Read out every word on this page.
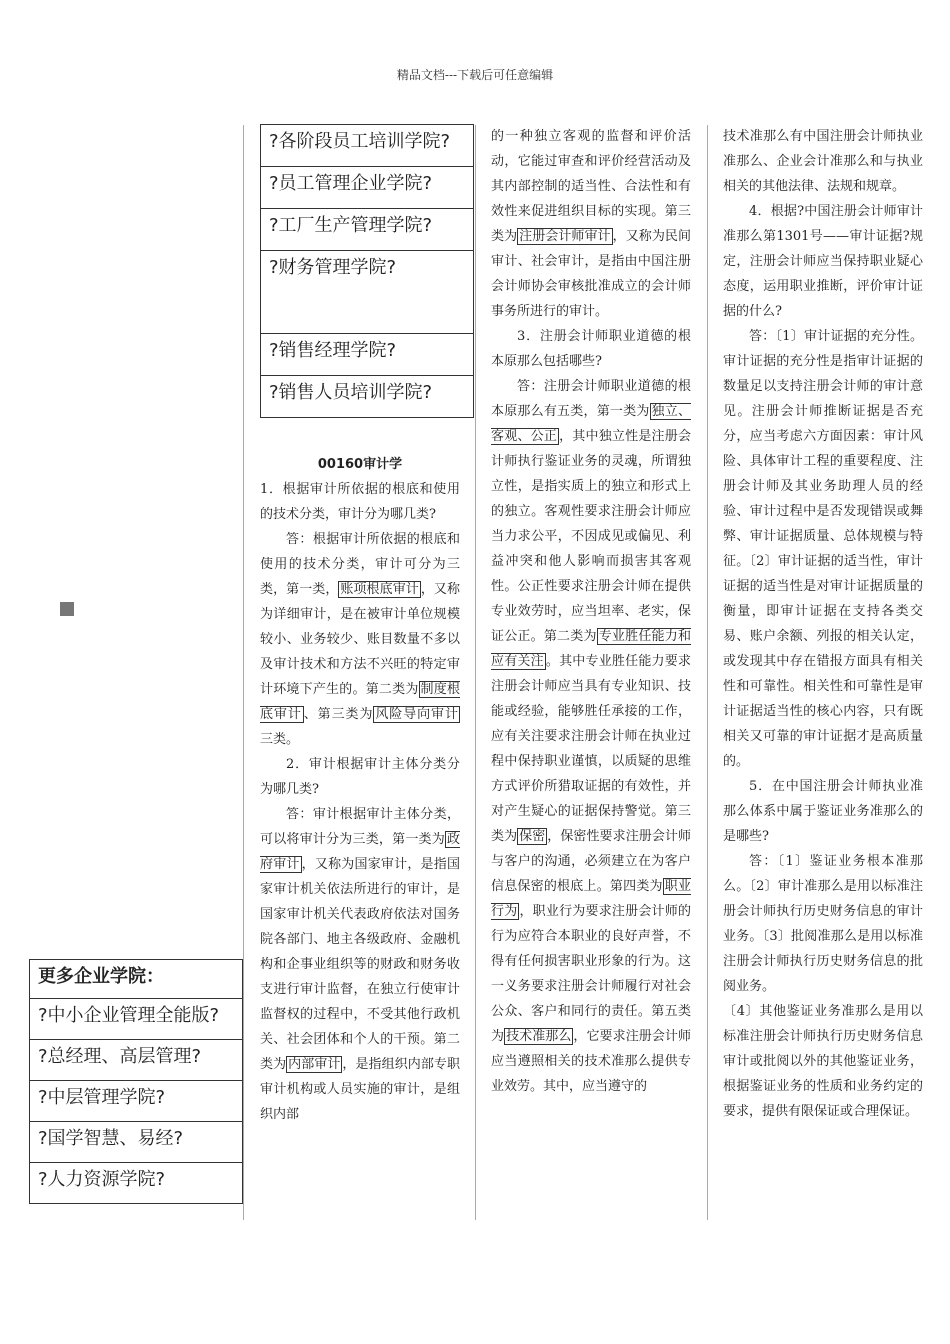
精品文档---下载后可任意编辑
?各阶段员工培训学院?
?员工管理企业学院?
?工厂生产管理学院?
?财务管理学院?
?销售经理学院?
?销售人员培训学院?
更多企业学院：
?中小企业管理全能版?
?总经理、高层管理?
?中层管理学院?
?国学智慧、易经?
?人力资源学院?

00160审计学

1．根据审计所依据的根底和使用的技术分类，审计分为哪几类?

答：根据审计所依据的根底和使用的技术分类，审计可分为三类，第一类， 账项根底审计 ，又称为详细审计，是在被审计单位规模较小、业务较少、账目数量不多以及审计技术和方法不兴旺的特定审计环境下产生的。第二类为 制度根底审计 、第三类为 风险导向审计三类。

2．审计根据审计主体分类分为哪几类?

答：审计根据审计主体分类，可以将审计分为三类，第一类为 政府审计 ，又称为国家审计，是指国家审计机关依法所进行的审计，是国家审计机关代表政府依法对国务院各部门、地主各级政府、金融机构和企事业组织等的财政和财务收支进行审计监督，在独立行使审计监督权的过程中，不受其他行政机关、社会团体和个人的干预。第二类为 内部审计 ，是指组织内部专职审计机构或人员实施的审计，是组织内部

的一种独立客观的监督和评价活动，它能过审查和评价经营活动及其内部控制的适当性、合法性和有效性来促进组织目标的实现。第三类为 注册会计师审计 ，又称为民间审计、社会审计，是指由中国注册会计师协会审核批准成立的会计师事务所进行的审计。

3．注册会计师职业道德的根本原那么包括哪些?

答：注册会计师职业道德的根本原那么有五类，第一类为 独立、客观、公正 ，其中独立性是注册会计师执行鉴证业务的灵魂，所谓独立性，是指实质上的独立和形式上的独立。客观性要求注册会计师应当力求公平，不因成见或偏见、利益冲突和他人影响而损害其客观性。公正性要求注册会计师在提供专业效劳时，应当坦率、老实，保证公正。第二类为 专业胜任能力和应有关注 。其中专业胜任能力要求注册会计师应当具有专业知识、技能或经验，能够胜任承接的工作，应有关注要求注册会计师在执业过程中保持职业谨慎，以质疑的思维方式评价所猎取证据的有效性，并对产生疑心的证据保持警觉。第三类为 保密 ，保密性要求注册会计师与客户的沟通，必须建立在为客户信息保密的根底上。第四类为 职业行为 ，职业行为要求注册会计师的行为应符合本职业的良好声誉，不得有任何损害职业形象的行为。这一义务要求注册会计师履行对社会公众、客户和同行的责任。第五类为 技术准那么 ，它要求注册会计师应当遵照相关的技术准那么提供专业效劳。其中，应当遵守的

技术准那么有中国注册会计师执业准那么、企业会计准那么和与执业相关的其他法律、法规和规章。

4．根据?中国注册会计师审计准那么第1301号——审计证据?规定，注册会计师应当保持职业疑心态度，运用职业推断，评价审计证据的什么?

答：〔1〕审计证据的充分性。审计证据的充分性是指审计证据的数量足以支持注册会计师的审计意见。注册会计师推断证据是否充分，应当考虑六方面因素：审计风险、具体审计工程的重要程度、注册会计师及其业务助理人员的经验、审计过程中是否发现错误或舞弊、审计证据质量、总体规模与特征。〔2〕审计证据的适当性，审计证据的适当性是对审计证据质量的衡量，即审计证据在支持各类交易、账户余额、列报的相关认定，或发现其中存在错报方面具有相关性和可靠性。相关性和可靠性是审计证据适当性的核心内容，只有既相关又可靠的审计证据才是高质量的。

5．在中国注册会计师执业准那么体系中属于鉴证业务准那么的是哪些?

答：〔1〕鉴证业务根本准那么。〔2〕审计准那么是用以标准注册会计师执行历史财务信息的审计业务。〔3〕批阅准那么是用以标准注册会计师执行历史财务信息的批阅业务。

〔4〕其他鉴证业务准那么是用以标准注册会计师执行历史财务信息审计或批阅以外的其他鉴证业务，根据鉴证业务的性质和业务约定的要求，提供有限保证或合理保证。
